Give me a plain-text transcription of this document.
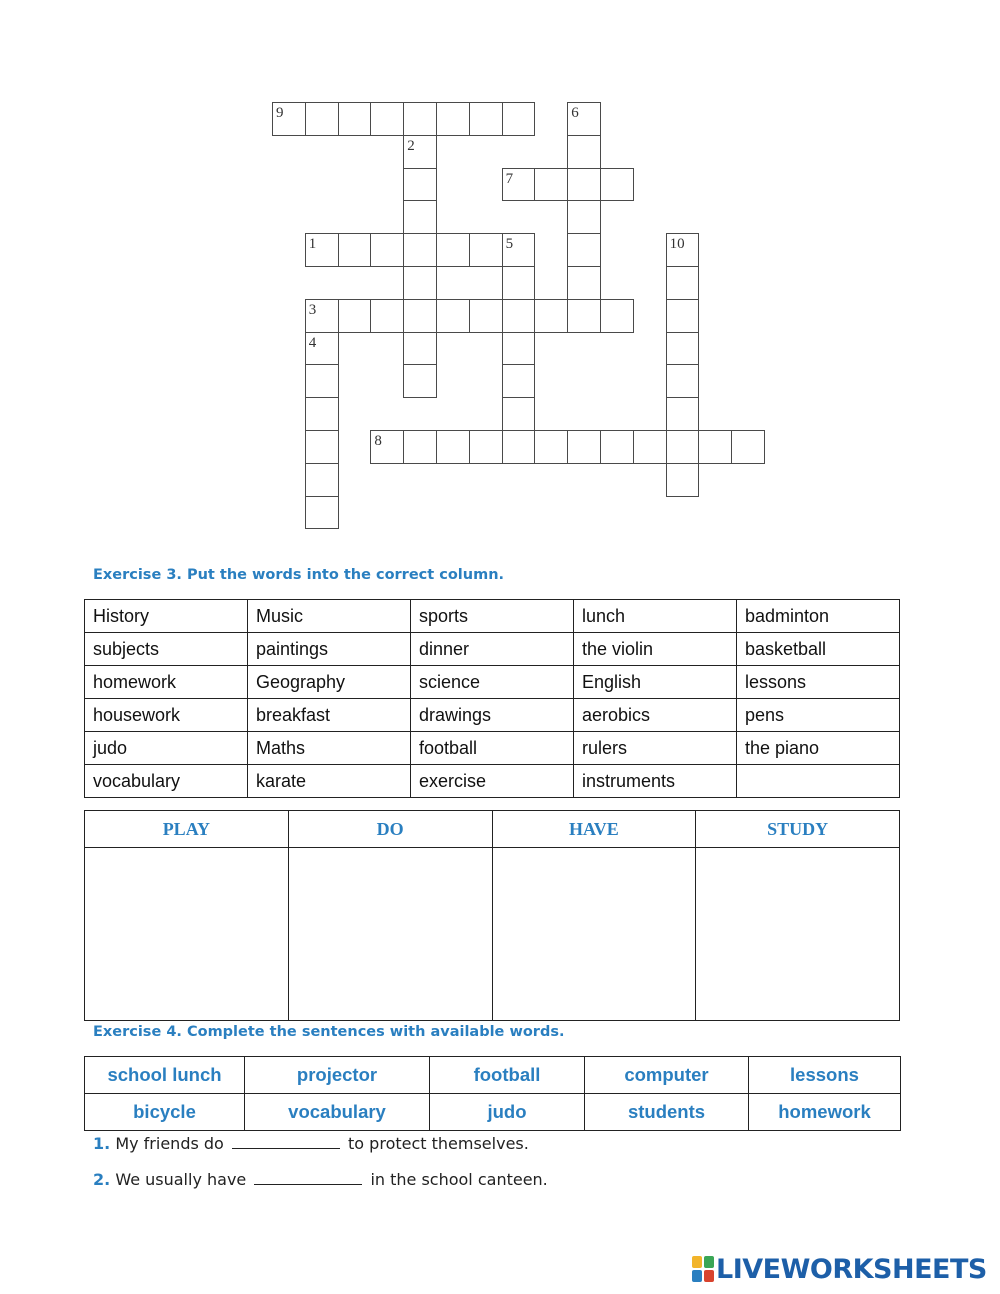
9
7
1	5
3
8
6
2
10
4
Exercise 3. Put the words into the correct column.
History	Music	sports	lunch	badminton
subjects	paintings	dinner	the violin	basketball
homework	Geography	science	English	lessons
housework	breakfast	drawings	aerobics	pens
judo	Maths	football	rulers	the piano
vocabulary	karate	exercise	instruments	
PLAY	DO	HAVE	STUDY

Exercise 4. Complete the sentences with available words.
school lunch	projector	football	computer	lessons
bicycle	vocabulary	judo	students	homework
1. My friends do	to protect themselves.
2. We usually have	in the school canteen.
LIVEWORKSHEETS
